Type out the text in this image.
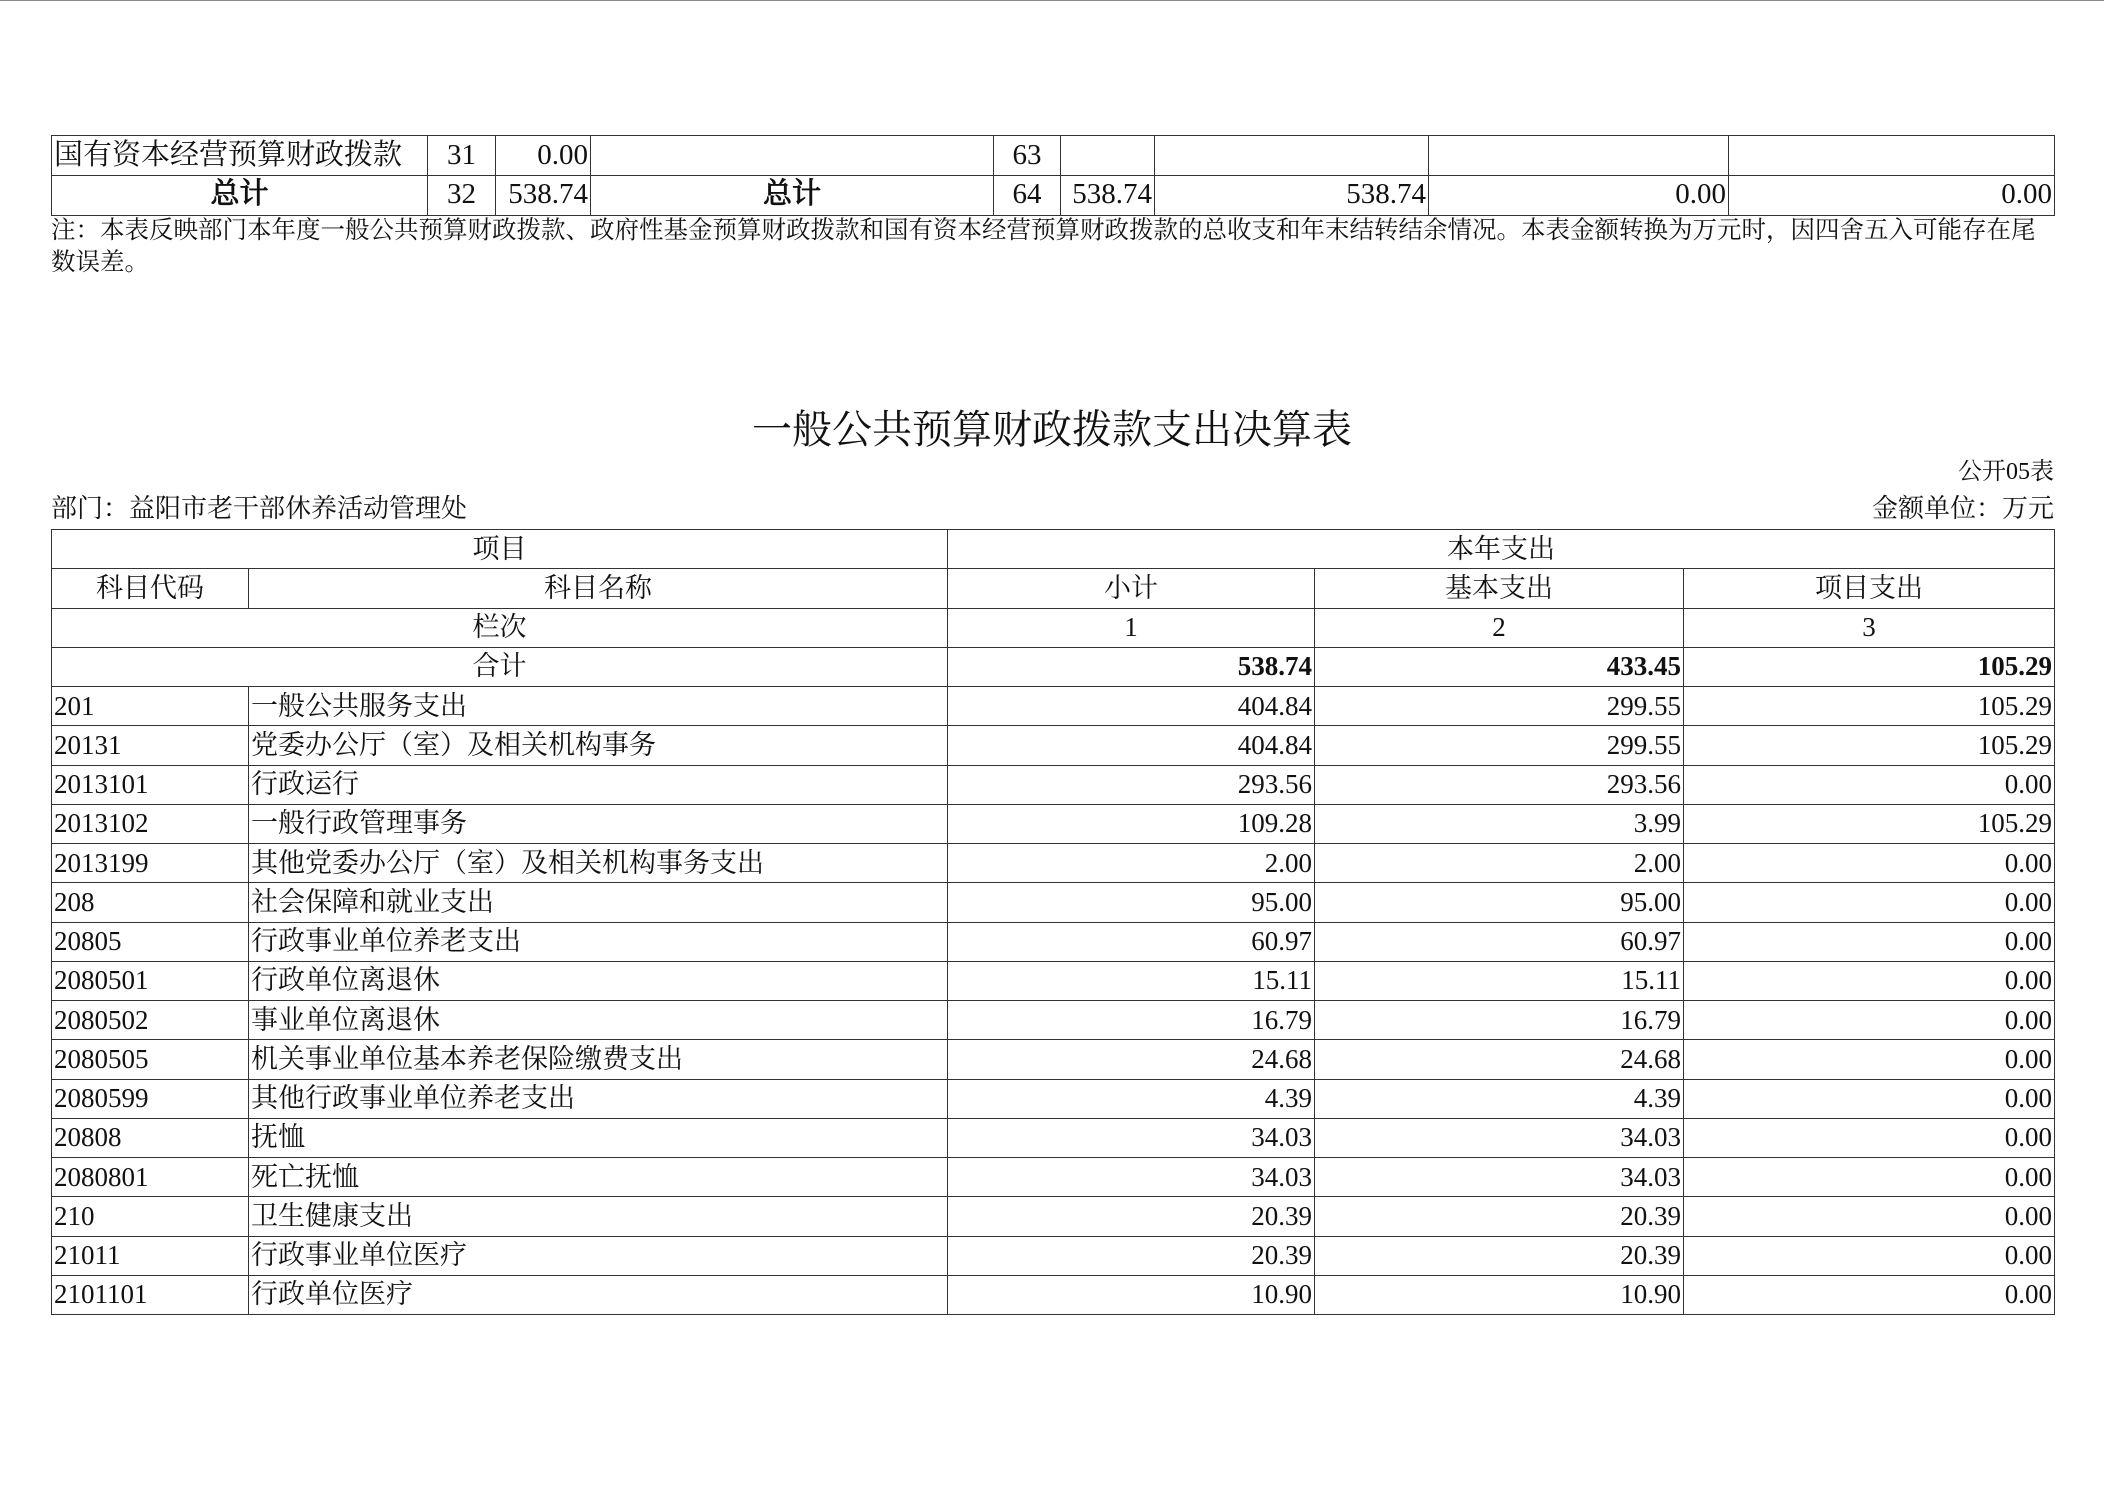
国有资本经营预算财政拨款	31	0.00		63				
总计	32	538.74	总计	64	538.74	538.74	0.00	0.00
注：本表反映部门本年度一般公共预算财政拨款、政府性基金预算财政拨款和国有资本经营预算财政拨款的总收支和年末结转结余情况。本表金额转换为万元时，因四舍五入可能存在尾数误差。
一般公共预算财政拨款支出决算表
公开05表
部门：益阳市老干部休养活动管理处	金额单位：万元
项目		本年支出		
科目代码	科目名称	小计	基本支出	项目支出
栏次		1	2	3
合计		538.74	433.45	105.29
201	一般公共服务支出	404.84	299.55	105.29
20131	党委办公厅（室）及相关机构事务	404.84	299.55	105.29
2013101	行政运行	293.56	293.56	0.00
2013102	一般行政管理事务	109.28	3.99	105.29
2013199	其他党委办公厅（室）及相关机构事务支出	2.00	2.00	0.00
208	社会保障和就业支出	95.00	95.00	0.00
20805	行政事业单位养老支出	60.97	60.97	0.00
2080501	行政单位离退休	15.11	15.11	0.00
2080502	事业单位离退休	16.79	16.79	0.00
2080505	机关事业单位基本养老保险缴费支出	24.68	24.68	0.00
2080599	其他行政事业单位养老支出	4.39	4.39	0.00
20808	抚恤	34.03	34.03	0.00
2080801	死亡抚恤	34.03	34.03	0.00
210	卫生健康支出	20.39	20.39	0.00
21011	行政事业单位医疗	20.39	20.39	0.00
2101101	行政单位医疗	10.90	10.90	0.00
